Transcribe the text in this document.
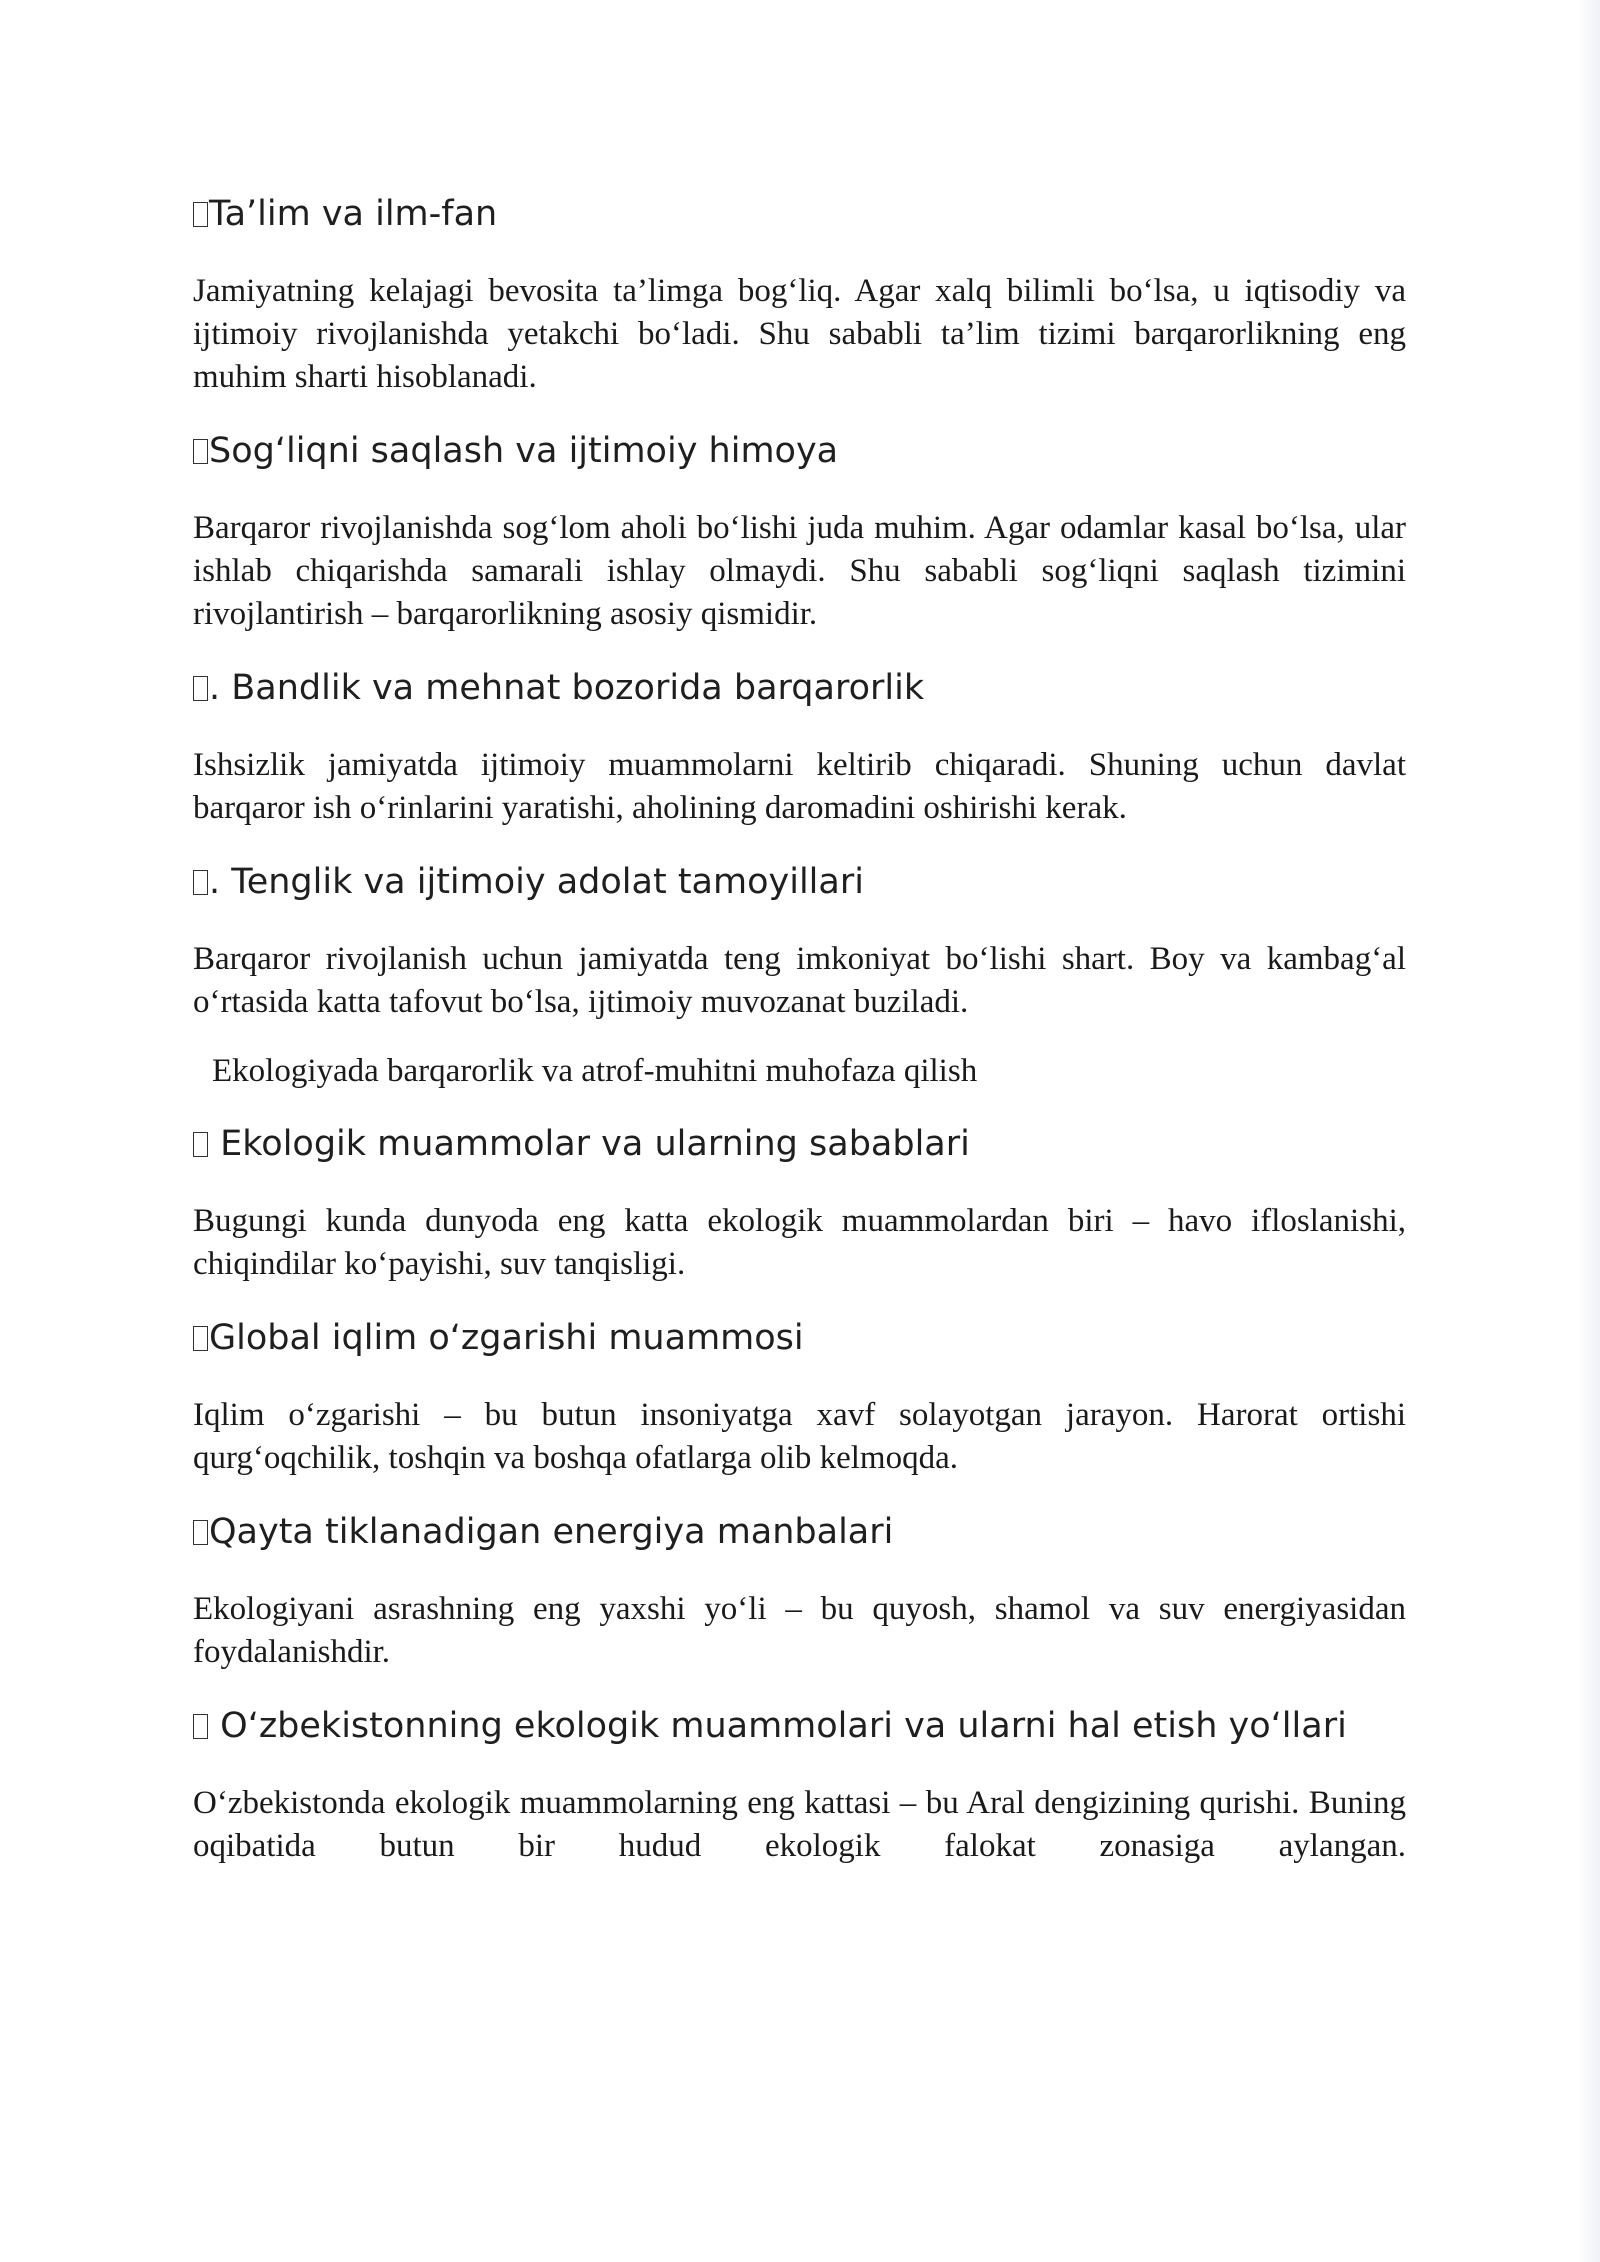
Ta’lim va ilm-fan

Jamiyatning kelajagi bevosita ta’limga bog‘liq. Agar xalq bilimli bo‘lsa, u iqtisodiy va ijtimoiy rivojlanishda yetakchi bo‘ladi. Shu sababli ta’lim tizimi barqarorlikning eng muhim sharti hisoblanadi.

Sog‘liqni saqlash va ijtimoiy himoya

Barqaror rivojlanishda sog‘lom aholi bo‘lishi juda muhim. Agar odamlar kasal bo‘lsa, ular ishlab chiqarishda samarali ishlay olmaydi. Shu sababli sog‘liqni saqlash tizimini rivojlantirish – barqarorlikning asosiy qismidir.

. Bandlik va mehnat bozorida barqarorlik

Ishsizlik jamiyatda ijtimoiy muammolarni keltirib chiqaradi. Shuning uchun davlat barqaror ish o‘rinlarini yaratishi, aholining daromadini oshirishi kerak.

. Tenglik va ijtimoiy adolat tamoyillari

Barqaror rivojlanish uchun jamiyatda teng imkoniyat bo‘lishi shart. Boy va kambag‘al o‘rtasida katta tafovut bo‘lsa, ijtimoiy muvozanat buziladi.

Ekologiyada barqarorlik va atrof-muhitni muhofaza qilish
Ekologik muammolar va ularning sabablari

Bugungi kunda dunyoda eng katta ekologik muammolardan biri – havo ifloslanishi, chiqindilar ko‘payishi, suv tanqisligi.

Global iqlim o‘zgarishi muammosi

Iqlim o‘zgarishi – bu butun insoniyatga xavf solayotgan jarayon. Harorat ortishi qurg‘oqchilik, toshqin va boshqa ofatlarga olib kelmoqda.

Qayta tiklanadigan energiya manbalari

Ekologiyani asrashning eng yaxshi yo‘li – bu quyosh, shamol va suv energiyasidan foydalanishdir.

O‘zbekistonning ekologik muammolari va ularni hal etish yo‘llari

O‘zbekistonda ekologik muammolarning eng kattasi – bu Aral dengizining qurishi. Buning oqibatida butun bir hudud ekologik falokat zonasiga aylangan.
